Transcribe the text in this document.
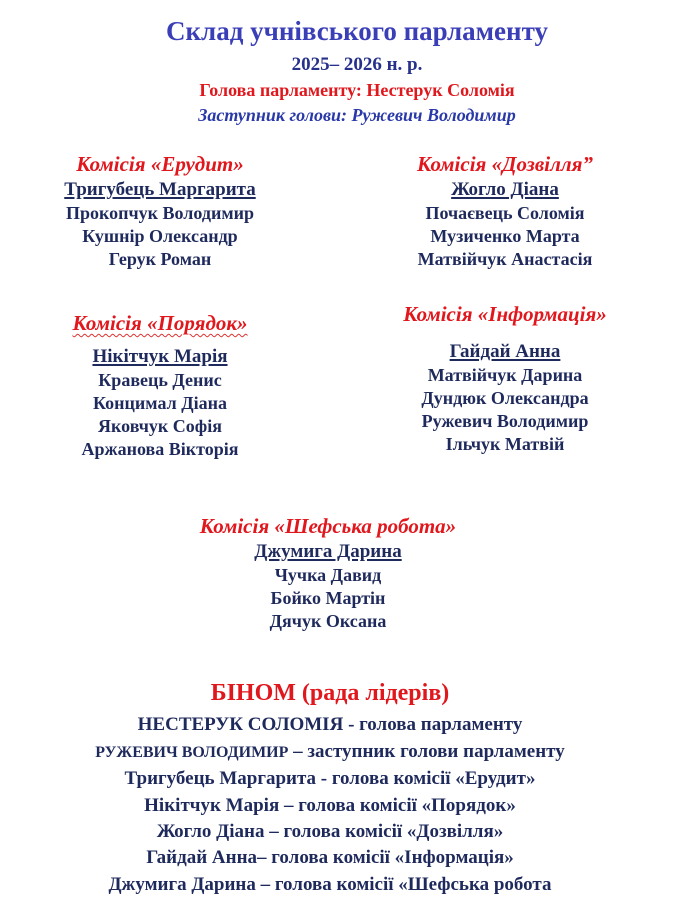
Склад учнівського парламенту
2025– 2026 н. р.
Голова парламенту: Нестерук Соломія
Заступник голови: Ружевич Володимир
Комісія «Ерудит»
Тригубець Маргарита
Прокопчук Володимир
Кушнір Олександр
Герук Роман
Комісія «Дозвілля”
Жогло Діана
Почаєвець Соломія
Музиченко Марта
Матвійчук Анастасія
Комісія «Порядок»
Нікітчук Марія
Кравець Денис
Концимал Діана
Яковчук Софія
Аржанова Вікторія
Комісія «Інформація»
Гайдай Анна
Матвійчук Дарина
Дундюк Олександра
Ружевич Володимир
Ільчук Матвій
Комісія «Шефська робота»
Джумига Дарина
Чучка Давид
Бойко Мартін
Дячук Оксана
БІНОМ (рада лідерів)
НЕСТЕРУК СОЛОМІЯ - голова парламенту
РУЖЕВИЧ ВОЛОДИМИР – заступник голови парламенту
Тригубець Маргарита - голова комісії «Ерудит»
Нікітчук Марія – голова комісії «Порядок»
Жогло Діана – голова комісії «Дозвілля»
Гайдай Анна– голова комісії «Інформація»
Джумига Дарина – голова комісії «Шефська робота
